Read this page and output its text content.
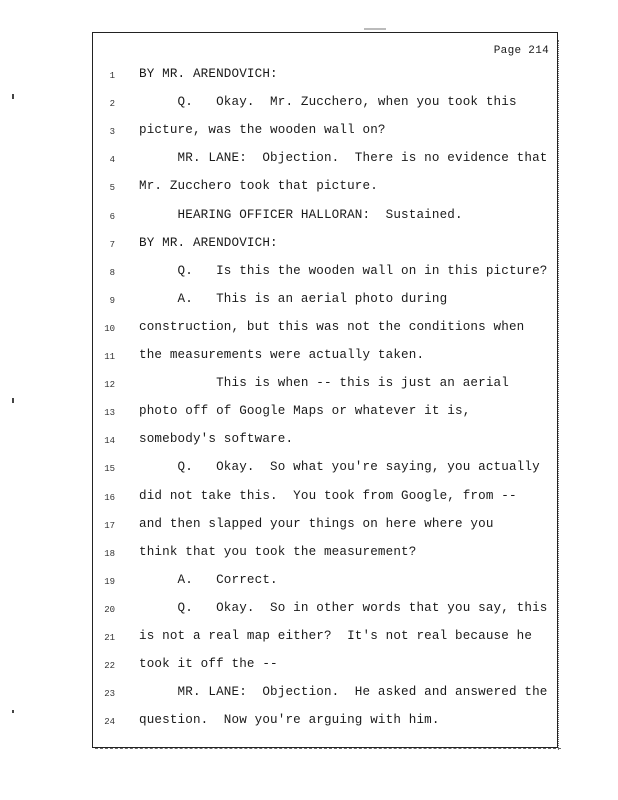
Page 214
1 BY MR. ARENDOVICH:
2 Q.   Okay.  Mr. Zucchero, when you took this
3 picture, was the wooden wall on?
4 MR. LANE:  Objection.  There is no evidence that
5 Mr. Zucchero took that picture.
6 HEARING OFFICER HALLORAN:  Sustained.
7 BY MR. ARENDOVICH:
8 Q.   Is this the wooden wall on in this picture?
9 A.   This is an aerial photo during
10 construction, but this was not the conditions when
11 the measurements were actually taken.
12 This is when -- this is just an aerial
13 photo off of Google Maps or whatever it is,
14 somebody's software.
15 Q.   Okay.  So what you're saying, you actually
16 did not take this.  You took from Google, from --
17 and then slapped your things on here where you
18 think that you took the measurement?
19 A.   Correct.
20 Q.   Okay.  So in other words that you say, this
21 is not a real map either?  It's not real because he
22 took it off the --
23 MR. LANE:  Objection.  He asked and answered the
24 question.  Now you're arguing with him.
